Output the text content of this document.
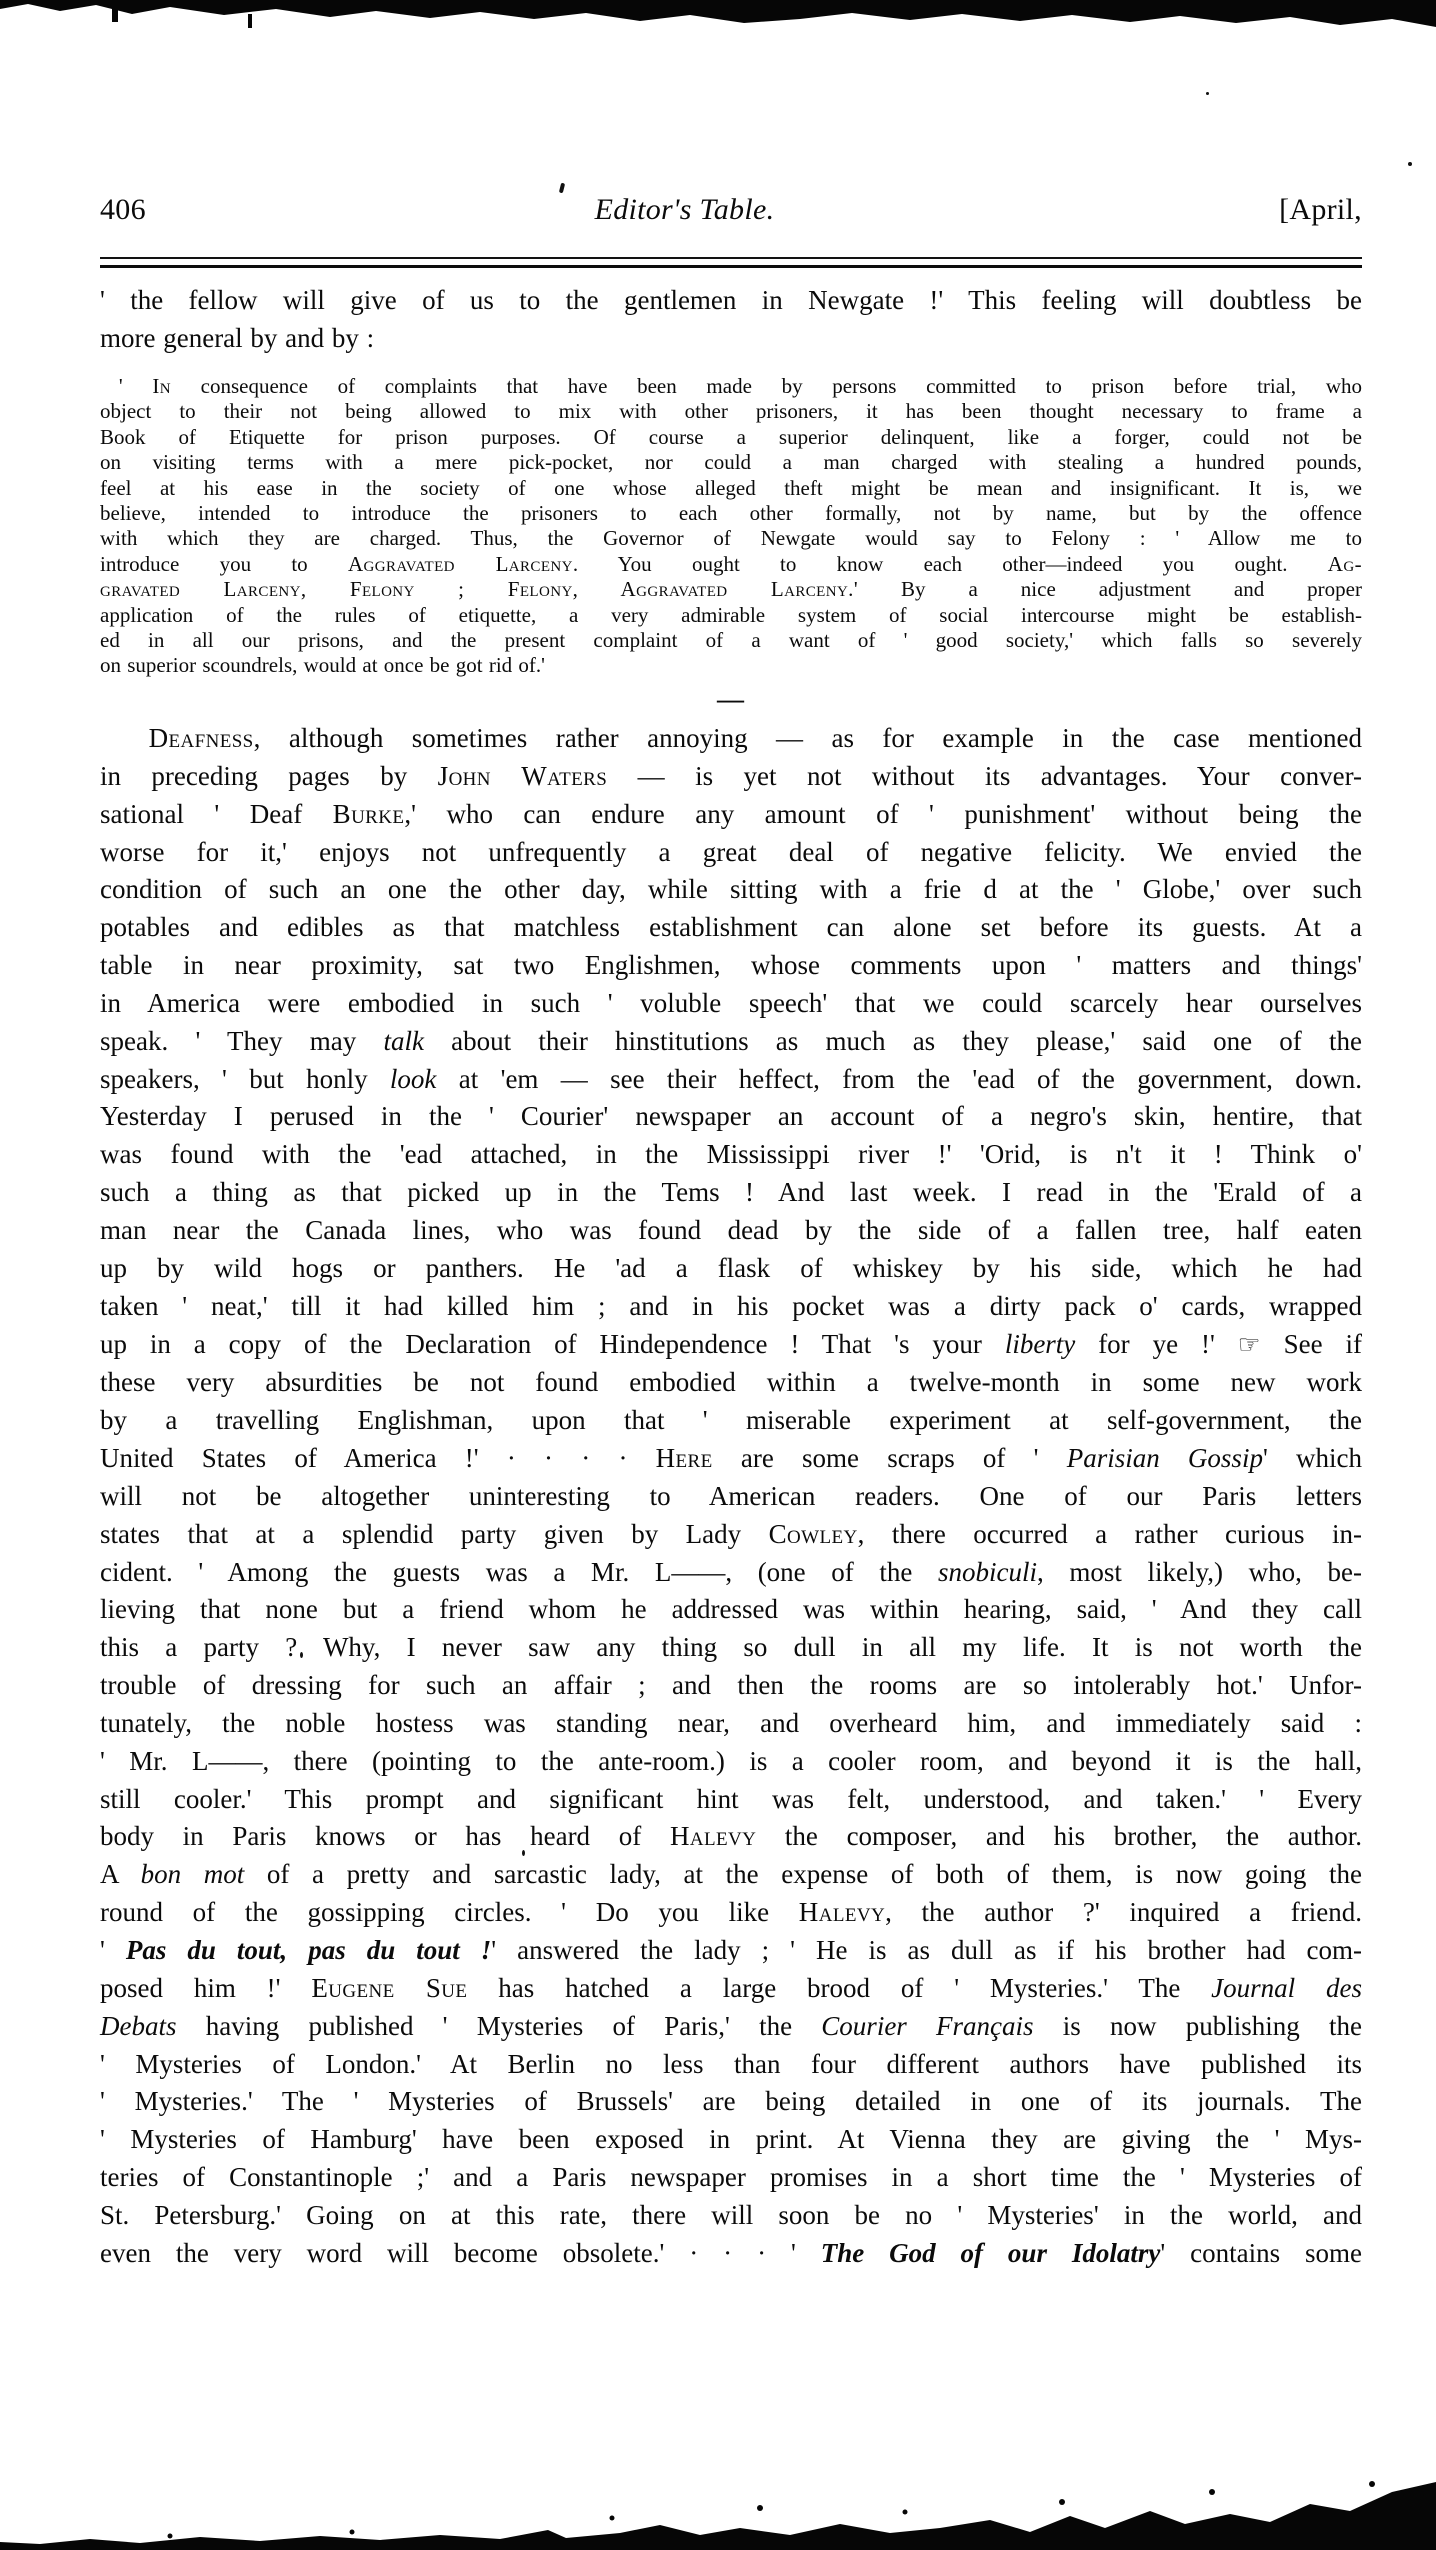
406	Editor's Table.	[April,
' the fellow will give of us to the gentlemen in Newgate !' This feeling will doubtless be
more general by and by :
' In consequence of complaints that have been made by persons committed to prison before trial, who
object to their not being allowed to mix with other prisoners, it has been thought necessary to frame a
Book of Etiquette for prison purposes. Of course a superior delinquent, like a forger, could not be
on visiting terms with a mere pick-pocket, nor could a man charged with stealing a hundred pounds,
feel at his ease in the society of one whose alleged theft might be mean and insignificant. It is, we
believe, intended to introduce the prisoners to each other formally, not by name, but by the offence
with which they are charged. Thus, the Governor of Newgate would say to Felony : ' Allow me to
introduce you to Aggravated Larceny. You ought to know each other—indeed you ought. Ag-
gravated Larceny, Felony ; Felony, Aggravated Larceny.' By a nice adjustment and proper
application of the rules of etiquette, a very admirable system of social intercourse might be establish-
ed in all our prisons, and the present complaint of a want of ' good society,' which falls so severely
on superior scoundrels, would at once be got rid of.'
—
Deafness, although sometimes rather annoying — as for example in the case mentioned
in preceding pages by John Waters — is yet not without its advantages. Your conver-
sational ' Deaf Burke,' who can endure any amount of ' punishment' without being the
worse for it,' enjoys not unfrequently a great deal of negative felicity. We envied the
condition of such an one the other day, while sitting with a frie d at the ' Globe,' over such
potables and edibles as that matchless establishment can alone set before its guests. At a
table in near proximity, sat two Englishmen, whose comments upon ' matters and things'
in America were embodied in such ' voluble speech' that we could scarcely hear ourselves
speak. ' They may talk about their hinstitutions as much as they please,' said one of the
speakers, ' but honly look at 'em — see their heffect, from the 'ead of the government, down.
Yesterday I perused in the ' Courier' newspaper an account of a negro's skin, hentire, that
was found with the 'ead attached, in the Mississippi river !' 'Orid, is n't it ! Think o'
such a thing as that picked up in the Tems ! And last week. I read in the 'Erald of a
man near the Canada lines, who was found dead by the side of a fallen tree, half eaten
up by wild hogs or panthers. He 'ad a flask of whiskey by his side, which he had
taken ' neat,' till it had killed him ; and in his pocket was a dirty pack o' cards, wrapped
up in a copy of the Declaration of Hindependence ! That 's your liberty for ye !' ☞ See if
these very absurdities be not found embodied within a twelve-month in some new work
by a travelling Englishman, upon that ' miserable experiment at self-government, the
United States of America !' · · · · Here are some scraps of ' Parisian Gossip' which
will not be altogether uninteresting to American readers. One of our Paris letters
states that at a splendid party given by Lady Cowley, there occurred a rather curious in-
cident. ' Among the guests was a Mr. L——, (one of the snobiculi, most likely,) who, be-
lieving that none but a friend whom he addressed was within hearing, said, ' And they call
this a party ? Why, I never saw any thing so dull in all my life. It is not worth the
trouble of dressing for such an affair ; and then the rooms are so intolerably hot.' Unfor-
tunately, the noble hostess was standing near, and overheard him, and immediately said :
' Mr. L——, there (pointing to the ante-room.) is a cooler room, and beyond it is the hall,
still cooler.' This prompt and significant hint was felt, understood, and taken.' ' Every
body in Paris knows or has heard of Halevy the composer, and his brother, the author.
A bon mot of a pretty and sarcastic lady, at the expense of both of them, is now going the
round of the gossipping circles. ' Do you like Halevy, the author ?' inquired a friend.
' Pas du tout, pas du tout !' answered the lady ; ' He is as dull as if his brother had com-
posed him !' Eugene Sue has hatched a large brood of ' Mysteries.' The Journal des
Debats having published ' Mysteries of Paris,' the Courier Français is now publishing the
' Mysteries of London.' At Berlin no less than four different authors have published its
' Mysteries.' The ' Mysteries of Brussels' are being detailed in one of its journals. The
' Mysteries of Hamburg' have been exposed in print. At Vienna they are giving the ' Mys-
teries of Constantinople ;' and a Paris newspaper promises in a short time the ' Mysteries of
St. Petersburg.' Going on at this rate, there will soon be no ' Mysteries' in the world, and
even the very word will become obsolete.' · · · ' The God of our Idolatry' contains some
